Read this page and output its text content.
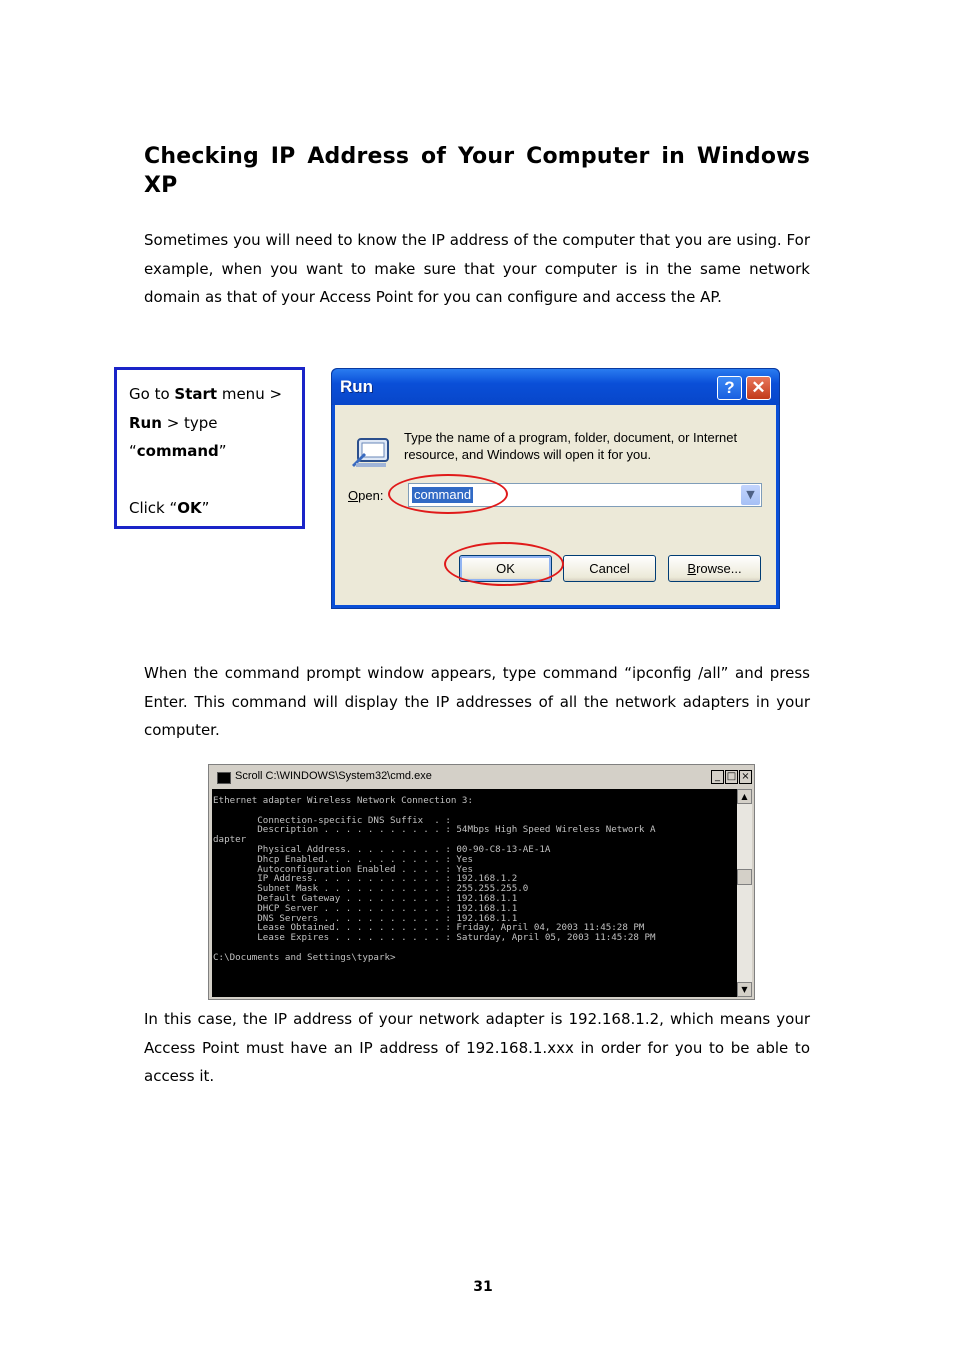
Checking IP Address of Your Computer in Windows XP

Sometimes you will need to know the IP address of the computer that you are using. For example, when you want to make sure that your computer is in the same network domain as that of your Access Point for you can configure and access the AP.

Go to Start menu >
Run > type
“command”
Click “OK”
Run	? ✕
Type the name of a program, folder, document, or Internet resource, and Windows will open it for you.
Open: command	▼
OK	Cancel	Browse...

When the command prompt window appears, type command “ipconfig /all” and press Enter. This command will display the IP addresses of all the network adapters in your computer.

Scroll C:\WINDOWS\System32\cmd.exe	_ □ ×
Ethernet adapter Wireless Network Connection 3:

Connection-specific DNS Suffix  . :
Description . . . . . . . . . . . : 54Mbps High Speed Wireless Network A
dapter
Physical Address. . . . . . . . . : 00-90-C8-13-AE-1A
Dhcp Enabled. . . . . . . . . . . : Yes
Autoconfiguration Enabled . . . . : Yes
IP Address. . . . . . . . . . . . : 192.168.1.2
Subnet Mask . . . . . . . . . . . : 255.255.255.0
Default Gateway . . . . . . . . . : 192.168.1.1
DHCP Server . . . . . . . . . . . : 192.168.1.1
DNS Servers . . . . . . . . . . . : 192.168.1.1
Lease Obtained. . . . . . . . . . : Friday, April 04, 2003 11:45:28 PM
Lease Expires . . . . . . . . . . : Saturday, April 05, 2003 11:45:28 PM

C:\Documents and Settings\typark>
▲
▼

In this case, the IP address of your network adapter is 192.168.1.2, which means your Access Point must have an IP address of 192.168.1.xxx in order for you to be able to access it.

31
